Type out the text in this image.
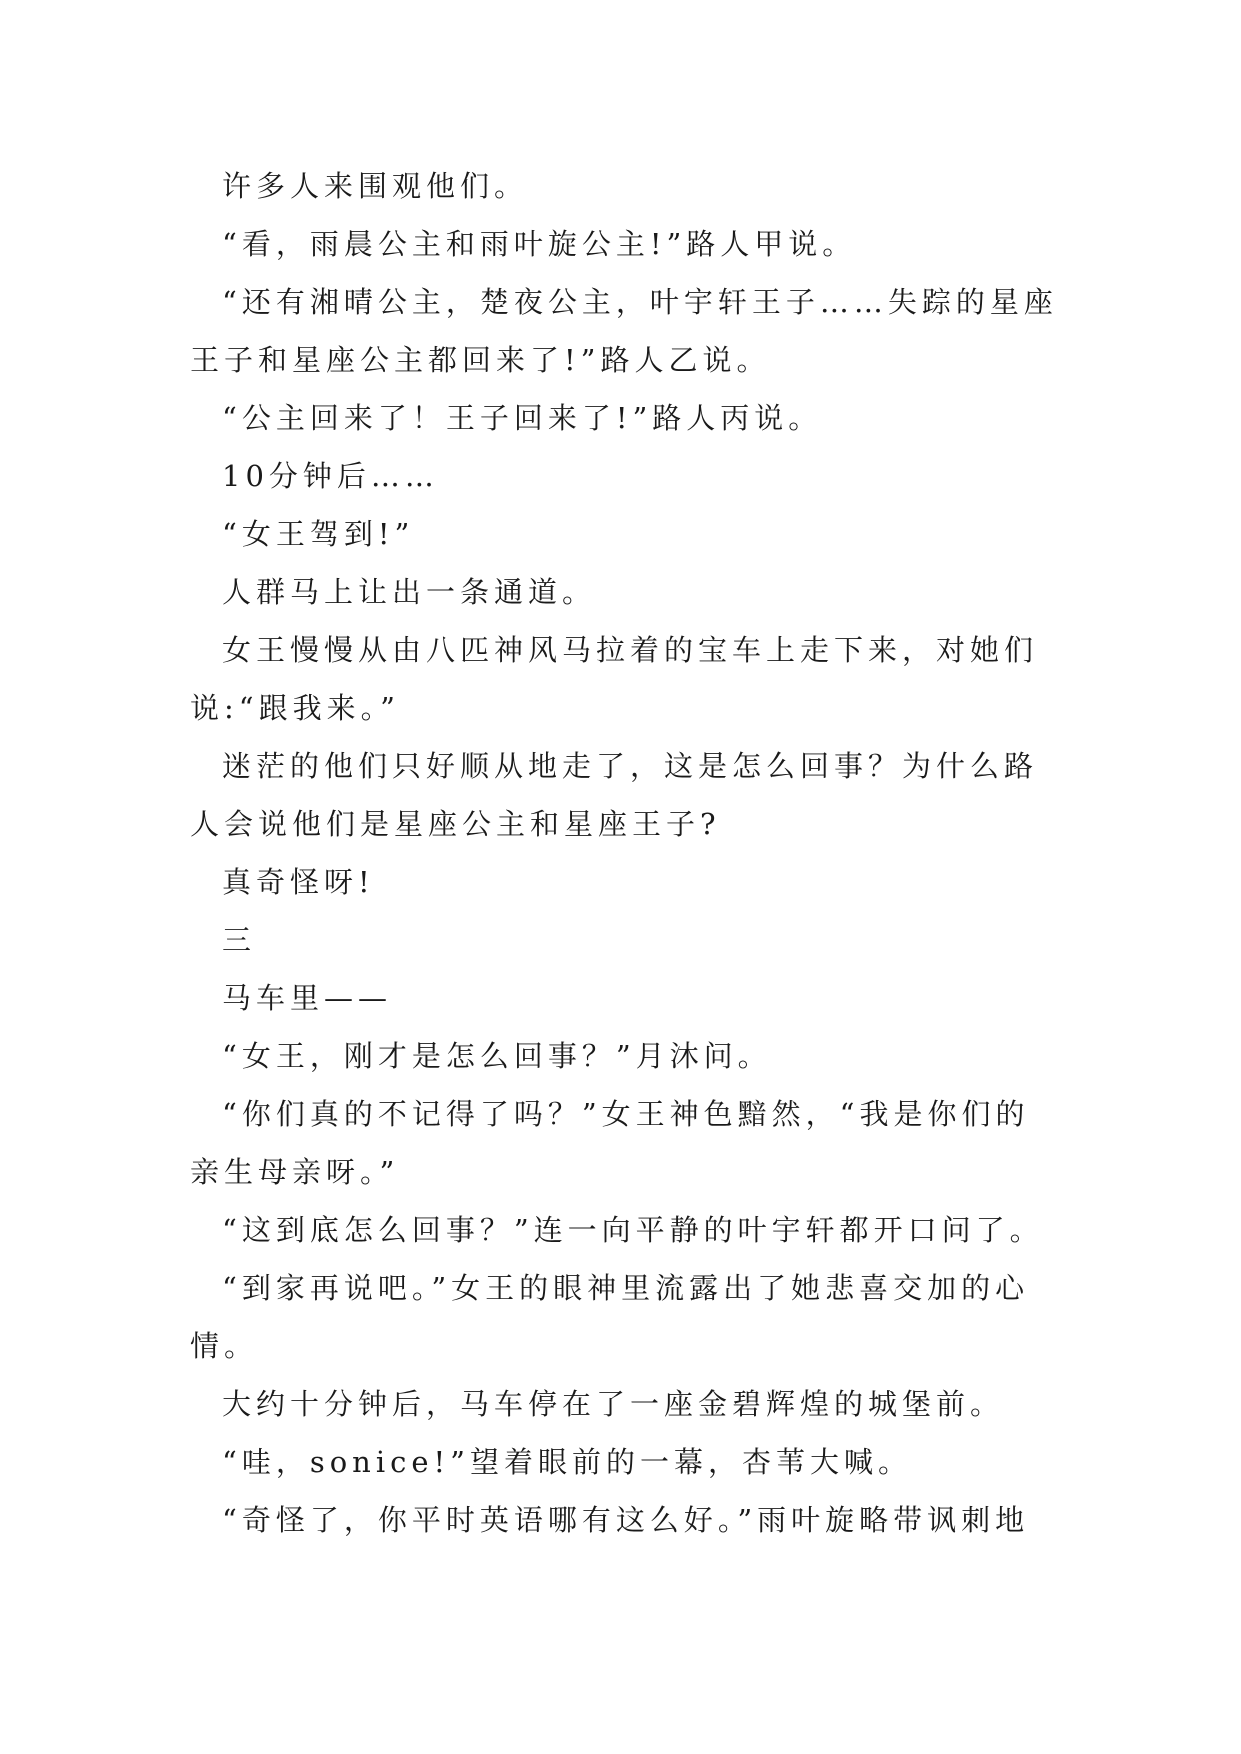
许多人来围观他们。

“看，雨晨公主和雨叶旋公主!”路人甲说。

“还有湘晴公主，楚夜公主，叶宇轩王子……失踪的星座王子和星座公主都回来了!”路人乙说。

“公主回来了！王子回来了!”路人丙说。

10分钟后……

“女王驾到!”

人群马上让出一条通道。

女王慢慢从由八匹神风马拉着的宝车上走下来，对她们说:“跟我来。”

迷茫的他们只好顺从地走了，这是怎么回事？为什么路人会说他们是星座公主和星座王子?

真奇怪呀!

三

马车里——

“女王，刚才是怎么回事？”月沐问。

“你们真的不记得了吗？”女王神色黯然，“我是你们的亲生母亲呀。”

“这到底怎么回事？”连一向平静的叶宇轩都开口问了。

“到家再说吧。”女王的眼神里流露出了她悲喜交加的心情。

大约十分钟后，马车停在了一座金碧辉煌的城堡前。

“哇，sonice!”望着眼前的一幕，杏苇大喊。

“奇怪了，你平时英语哪有这么好。”雨叶旋略带讽刺地
